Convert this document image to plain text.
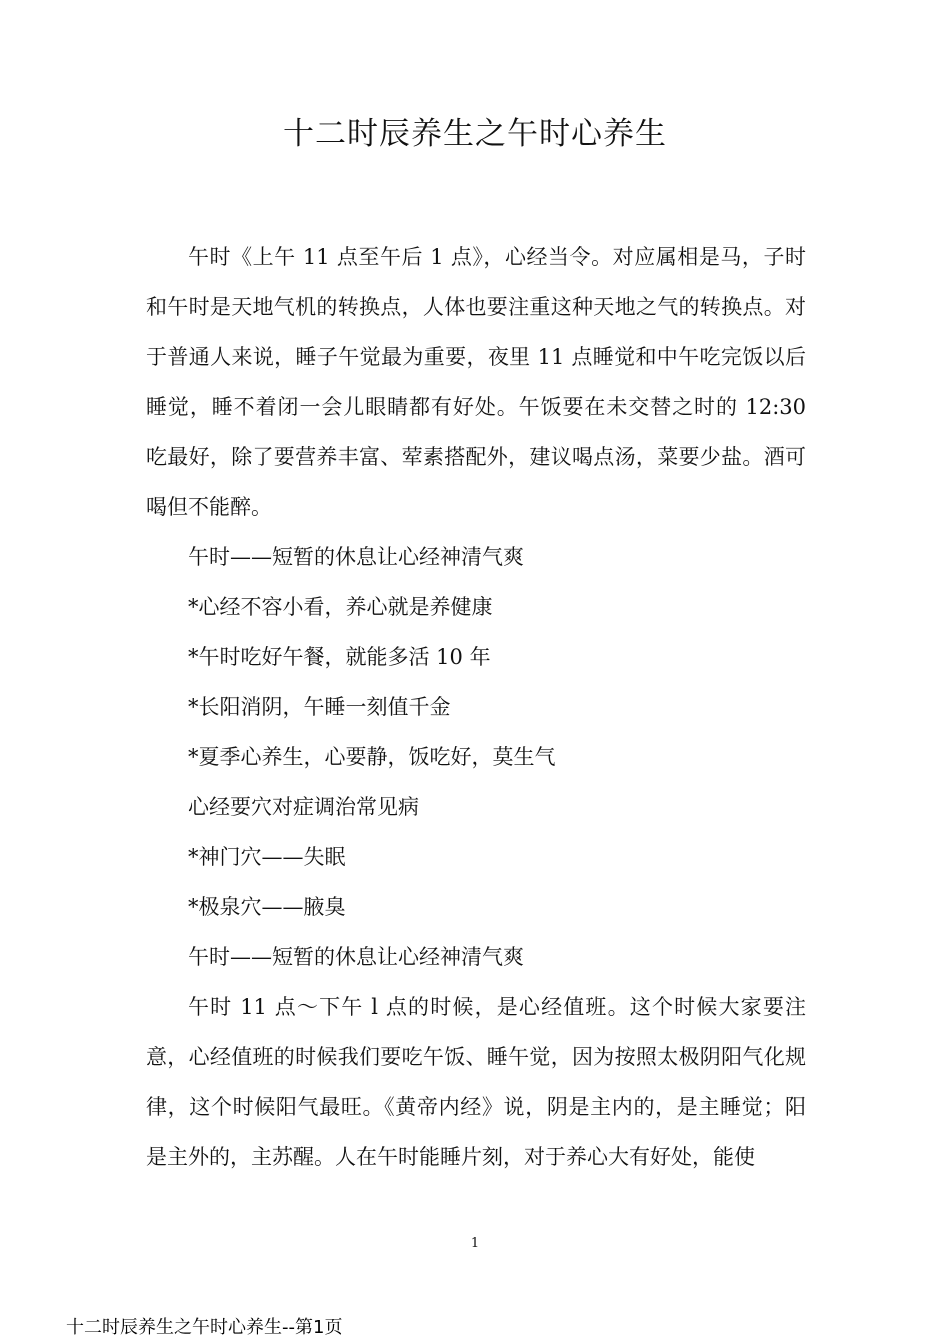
十二时辰养生之午时心养生

午时《上午 11 点至午后 1 点》，心经当令。对应属相是马，子时和午时是天地气机的转换点，人体也要注重这种天地之气的转换点。对于普通人来说，睡子午觉最为重要，夜里 11 点睡觉和中午吃完饭以后睡觉，睡不着闭一会儿眼睛都有好处。午饭要在未交替之时的 12:30 吃最好，除了要营养丰富、荤素搭配外，建议喝点汤，菜要少盐。酒可喝但不能醉。

午时——短暂的休息让心经神清气爽

*心经不容小看，养心就是养健康

*午时吃好午餐，就能多活 10 年

*长阳消阴，午睡一刻值千金

*夏季心养生，心要静，饭吃好，莫生气

心经要穴对症调治常见病

*神门穴——失眠

*极泉穴——腋臭

午时——短暂的休息让心经神清气爽

午时 11 点～下午 l 点的时候，是心经值班。这个时候大家要注意，心经值班的时候我们要吃午饭、睡午觉，因为按照太极阴阳气化规律，这个时候阳气最旺。《黄帝内经》说，阴是主内的，是主睡觉；阳是主外的，主苏醒。人在午时能睡片刻，对于养心大有好处，能使

1
十二时辰养生之午时心养生--第1页
